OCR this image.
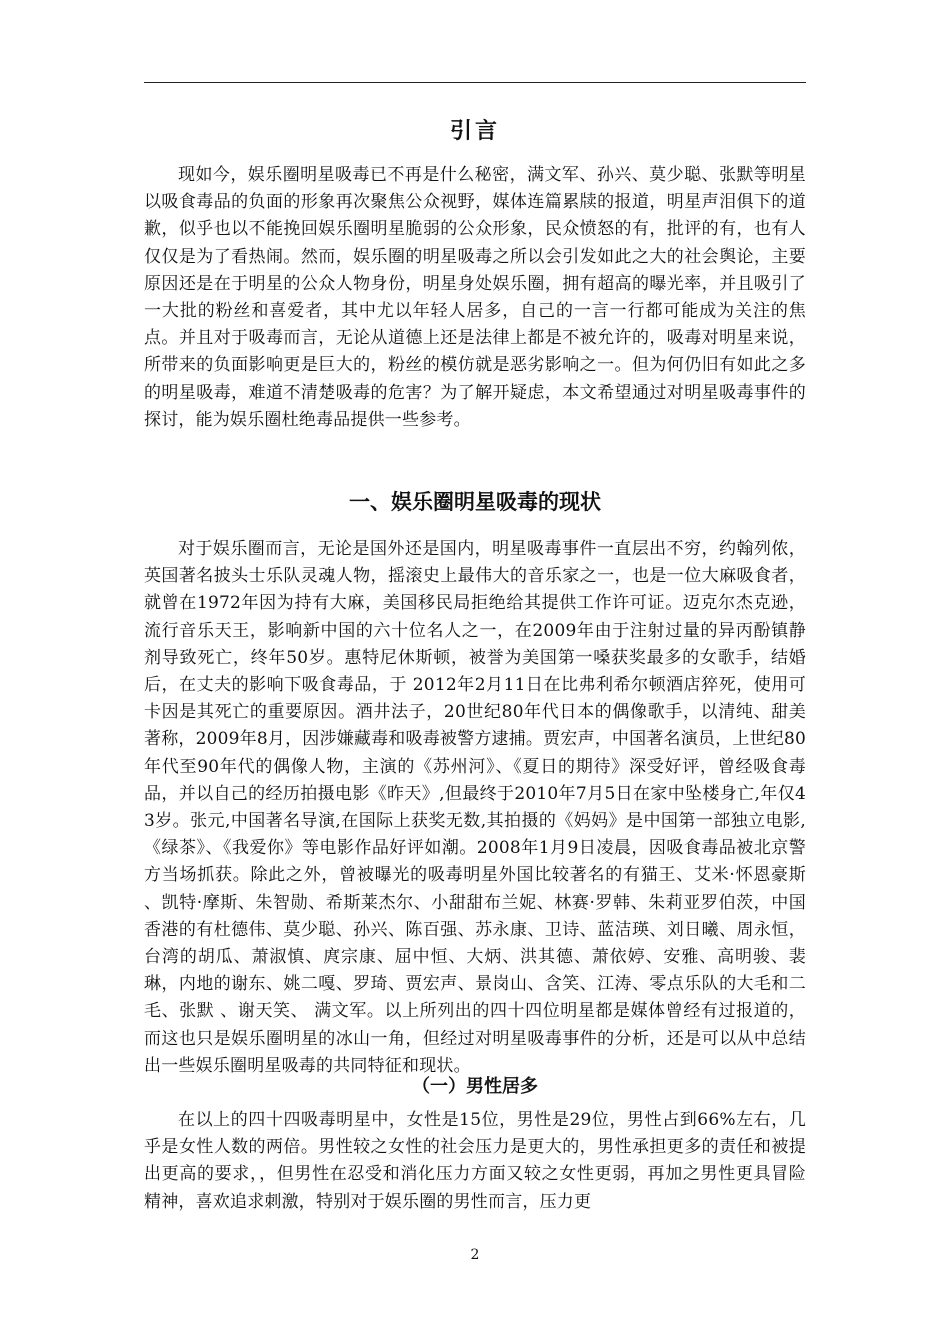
引言

现如今，娱乐圈明星吸毒已不再是什么秘密，满文军、孙兴、莫少聪、张默等明星以吸食毒品的负面的形象再次聚焦公众视野，媒体连篇累牍的报道，明星声泪俱下的道歉，似乎也以不能挽回娱乐圈明星脆弱的公众形象，民众愤怒的有，批评的有，也有人仅仅是为了看热闹。然而，娱乐圈的明星吸毒之所以会引发如此之大的社会舆论，主要原因还是在于明星的公众人物身份，明星身处娱乐圈，拥有超高的曝光率，并且吸引了一大批的粉丝和喜爱者，其中尤以年轻人居多，自己的一言一行都可能成为关注的焦点。并且对于吸毒而言，无论从道德上还是法律上都是不被允许的，吸毒对明星来说，所带来的负面影响更是巨大的，粉丝的模仿就是恶劣影响之一。但为何仍旧有如此之多的明星吸毒，难道不清楚吸毒的危害？为了解开疑虑，本文希望通过对明星吸毒事件的探讨，能为娱乐圈杜绝毒品提供一些参考。

一、娱乐圈明星吸毒的现状

对于娱乐圈而言，无论是国外还是国内，明星吸毒事件一直层出不穷，约翰列侬，英国著名披头士乐队灵魂人物，摇滚史上最伟大的音乐家之一，也是一位大麻吸食者，就曾在1972年因为持有大麻，美国移民局拒绝给其提供工作许可证。迈克尔杰克逊，流行音乐天王，影响新中国的六十位名人之一，在2009年由于注射过量的异丙酚镇静剂导致死亡，终年50岁。惠特尼休斯顿，被誉为美国第一嗓获奖最多的女歌手，结婚后，在丈夫的影响下吸食毒品，于 2012年2月11日在比弗利希尔顿酒店猝死，使用可卡因是其死亡的重要原因。酒井法子，20世纪80年代日本的偶像歌手，以清纯、甜美著称，2009年8月，因涉嫌藏毒和吸毒被警方逮捕。贾宏声，中国著名演员，上世纪80年代至90年代的偶像人物，主演的《苏州河》、《夏日的期待》深受好评，曾经吸食毒品，并以自己的经历拍摄电影《昨天》,但最终于2010年7月5日在家中坠楼身亡,年仅43岁。张元,中国著名导演,在国际上获奖无数,其拍摄的《妈妈》是中国第一部独立电影,《绿茶》、《我爱你》等电影作品好评如潮。2008年1月9日凌晨，因吸食毒品被北京警方当场抓获。除此之外，曾被曝光的吸毒明星外国比较著名的有猫王、艾米·怀恩豪斯 、凯特·摩斯、朱智勋、希斯莱杰尔、小甜甜布兰妮、林赛·罗韩、朱莉亚罗伯茨，中国香港的有杜德伟、莫少聪、孙兴、陈百强、苏永康、卫诗、蓝洁瑛、刘日曦、周永恒，台湾的胡瓜、萧淑慎、庹宗康、屈中恒、大炳、洪其德、萧依婷、安雅、高明骏、裴琳，内地的谢东、姚二嘎、罗琦、贾宏声、景岗山、含笑、江涛、零点乐队的大毛和二毛、张默 、谢天笑、 满文军。以上所列出的四十四位明星都是媒体曾经有过报道的，而这也只是娱乐圈明星的冰山一角，但经过对明星吸毒事件的分析，还是可以从中总结出一些娱乐圈明星吸毒的共同特征和现状。

（一）男性居多

在以上的四十四吸毒明星中，女性是15位，男性是29位，男性占到66%左右，几乎是女性人数的两倍。男性较之女性的社会压力是更大的，男性承担更多的责任和被提出更高的要求，，但男性在忍受和消化压力方面又较之女性更弱，再加之男性更具冒险精神，喜欢追求刺激，特别对于娱乐圈的男性而言，压力更

2
